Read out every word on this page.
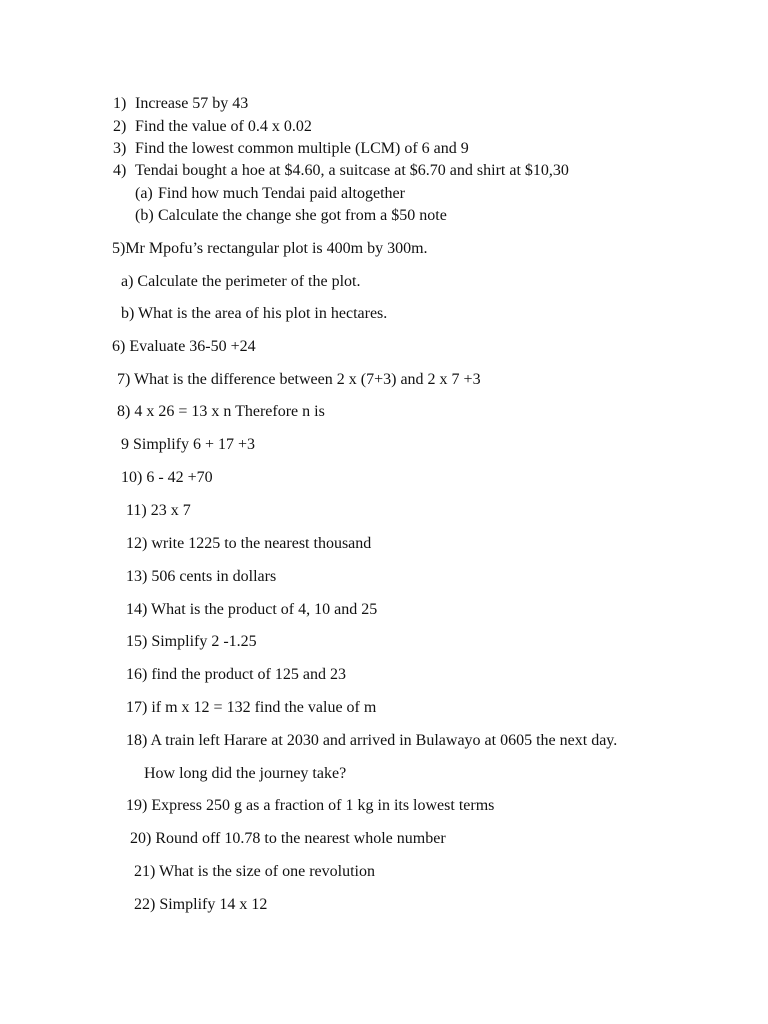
1) Increase 57 by 43
2) Find the value of 0.4 x 0.02
3) Find the lowest common multiple (LCM) of 6 and 9
4) Tendai bought a hoe at $4.60, a suitcase at $6.70 and shirt at $10,30
(a) Find how much Tendai paid altogether
(b) Calculate the change she got from a $50 note
5)Mr Mpofu’s rectangular plot is 400m by 300m.
a) Calculate the perimeter of the plot.
b) What is the area of his plot in hectares.
6) Evaluate 36-50 +24
7) What is the difference between 2 x (7+3) and 2 x 7 +3
8) 4 x 26 = 13 x n Therefore n is
9 Simplify 6 + 17 +3
10) 6 - 42 +70
11) 23 x 7
12) write 1225 to the nearest thousand
13) 506 cents in dollars
14) What is the product of 4, 10 and 25
15) Simplify 2 -1.25
16) find the product of 125 and 23
17) if m x 12 = 132 find the value of m
18) A train left Harare at 2030 and arrived in Bulawayo at 0605 the next day.
How long did the journey take?
19) Express 250 g as a fraction of 1 kg in its lowest terms
20) Round off 10.78 to the nearest whole number
21) What is the size of one revolution
22) Simplify 14 x 12
